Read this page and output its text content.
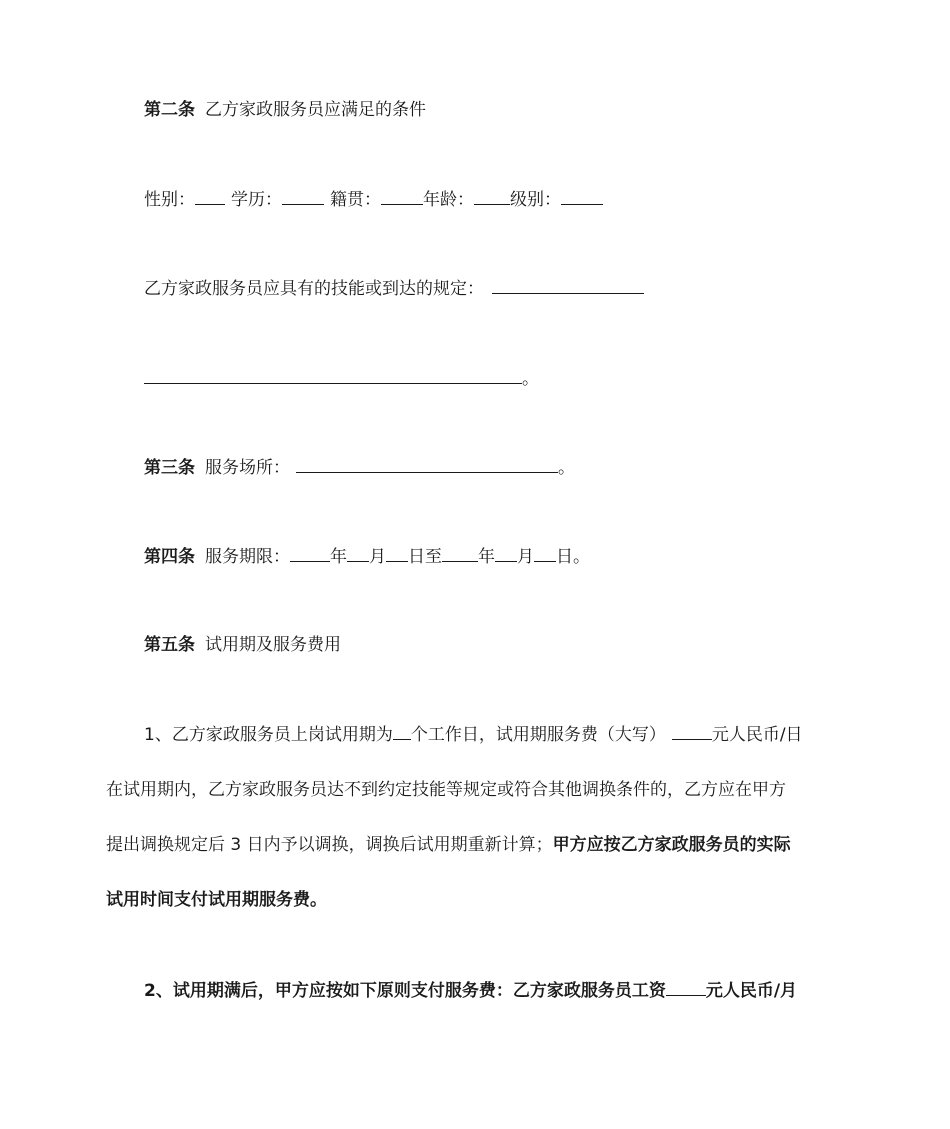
第二条 乙方家政服务员应满足的条件
性别： 学历：	籍贯： 年龄： 级别：
乙方家政服务员应具有的技能或到达的规定：
。
第三条 服务场所：	。
第四条 服务期限： 年 月 日至 年 月 日。
第五条 试用期及服务费用
1、乙方家政服务员上岗试用期为 个工作日，试用期服务费（大写）	元人民币/日
在试用期内，乙方家政服务员达不到约定技能等规定或符合其他调换条件的，乙方应在甲方
提出调换规定后 3 日内予以调换，调换后试用期重新计算；甲方应按乙方家政服务员的实际
试用时间支付试用期服务费。
2、试用期满后，甲方应按如下原则支付服务费：乙方家政服务员工资 元人民币/月
